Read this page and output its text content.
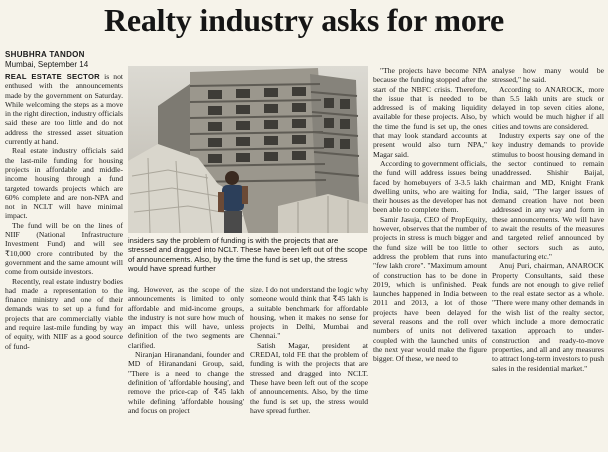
Realty industry asks for more
SHUBHRA TANDON
Mumbai, September 14

REAL ESTATE SECTOR is not enthused with the announcements made by the government on Saturday. While welcoming the steps as a move in the right direction, industry officials said these are too little and do not address the stressed asset situation currently at hand.

Real estate industry officials said the last-mile funding for housing projects in affordable and middle-income housing through a fund targeted towards projects which are 60% complete and are non-NPA and not in NCLT will have minimal impact.

The fund will be on the lines of NIIF (National Infrastructure Investment Fund) and will see ₹10,000 crore contributed by the government and the same amount will come from outside investors.

Recently, real estate industry bodies had made a representation to the finance ministry and one of their demands was to set up a fund for projects that are commercially viable and require last-mile funding by way of equity, with NIIF as a good source of fund-

insiders say the problem of funding is with the projects that are stressed and dragged into NCLT. These have been left out of the scope of announcements. Also, by the time the fund is set up, the stress would have spread further

ing. However, as the scope of the announcements is limited to only affordable and mid-income groups, the industry is not sure how much of an impact this will have, unless definition of the two segments are clarified.

Niranjan Hiranandani, founder and MD of Hiranandani Group, said, "There is a need to change the definition of 'affordable housing', and remove the price-cap of ₹45 lakh while defining 'affordable housing' and focus on project

size. I do not understand the logic why someone would think that ₹45 lakh is a suitable benchmark for affordable housing, when it makes no sense for projects in Delhi, Mumbai and Chennai."

Satish Magar, president at CREDAI, told FE that the problem of funding is with the projects that are stressed and dragged into NCLT. These have been left out of the scope of announcements. Also, by the time the fund is set up, the stress would have spread further.

"The projects have become NPA because the funding stopped after the start of the NBFC crisis. Therefore, the issue that is needed to be addressed is of making liquidity available for these projects. Also, by the time the fund is set up, the ones that may look standard accounts at present would also turn NPA," Magar said.

According to government officials, the fund will address issues being faced by homebuyers of 3-3.5 lakh dwelling units, who are waiting for their houses as the developer has not been able to complete them.

Samir Jasuja, CEO of PropEquity, however, observes that the number of projects in stress is much bigger and the fund size will be too little to address the problem that runs into "few lakh crore". "Maximum amount of construction has to be done in 2019, which is unfinished. Peak launches happened in India between 2011 and 2013, a lot of those projects have been delayed for several reasons and the roll over numbers of units not delivered coupled with the launched units of the next year would make the figure bigger. Of these, we need to

analyse how many would be stressed," he said.

According to ANAROCK, more than 5.5 lakh units are stuck or delayed in top seven cities alone, which would be much higher if all cities and towns are considered.

Industry experts say one of the key industry demands to provide stimulus to boost housing demand in the sector continued to remain unaddressed. Shishir Baijal, chairman and MD, Knight Frank India, said, "The larger issues of demand creation have not been addressed in any way and form in these announcements. We will have to await the results of the measures and targeted relief announced by other sectors such as auto, manufacturing etc."

Anuj Puri, chairman, ANAROCK Property Consultants, said these funds are not enough to give relief to the real estate sector as a whole. "There were many other demands in the wish list of the realty sector, which include a more democratic taxation approach to under-construction and ready-to-move properties, and all and any measures to attract long-term investors to push sales in the residential market."
